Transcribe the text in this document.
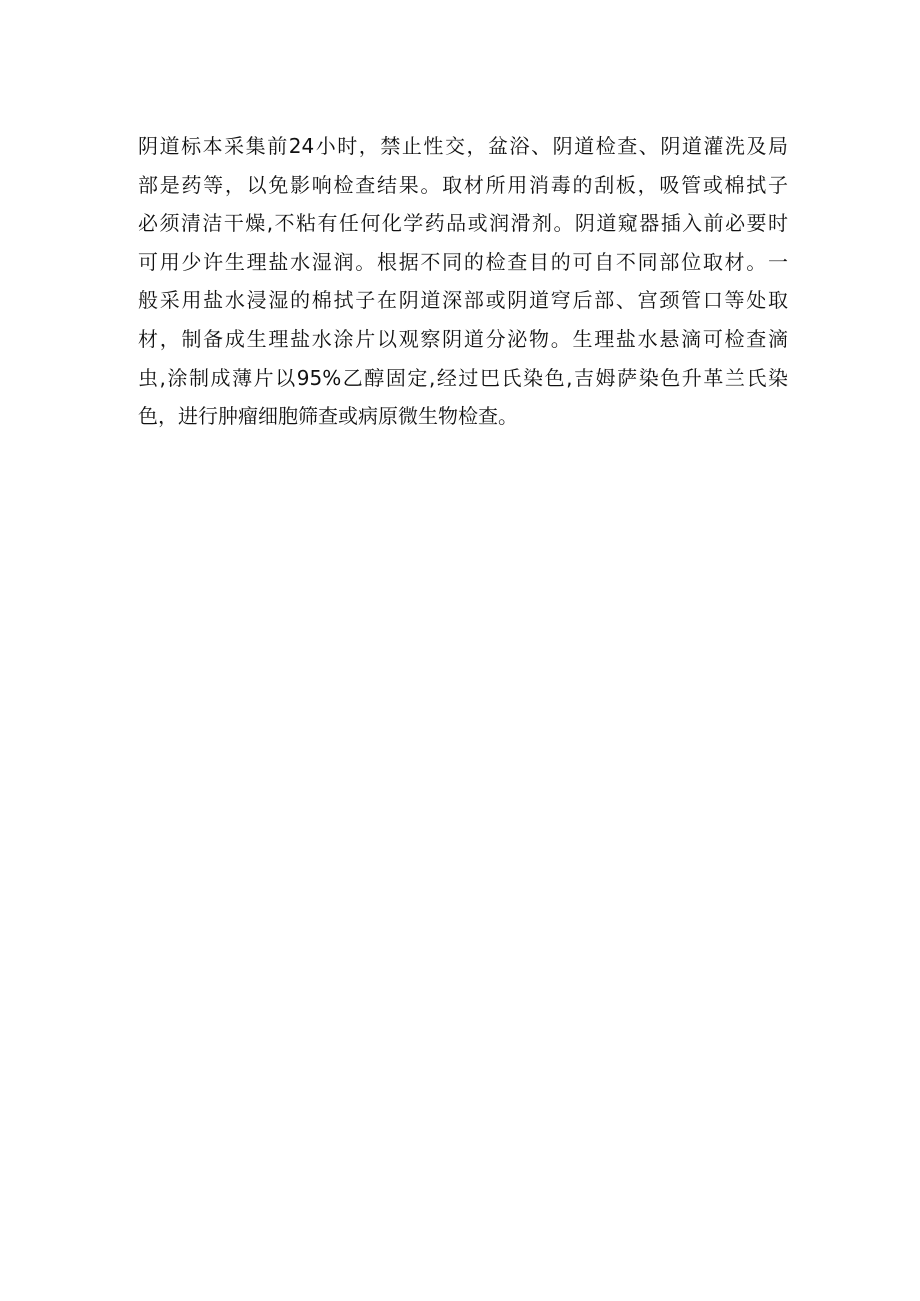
阴道标本采集前24小时，禁止性交，盆浴、阴道检查、阴道灌洗及局
部是药等，以免影响检查结果。取材所用消毒的刮板，吸管或棉拭子
必须清洁干燥,不粘有任何化学药品或润滑剂。阴道窥器插入前必要时
可用少许生理盐水湿润。根据不同的检查目的可自不同部位取材。一
般采用盐水浸湿的棉拭子在阴道深部或阴道穹后部、宫颈管口等处取
材，制备成生理盐水涂片以观察阴道分泌物。生理盐水悬滴可检查滴
虫,涂制成薄片以95%乙醇固定,经过巴氏染色,吉姆萨染色升革兰氏染
色，进行肿瘤细胞筛查或病原微生物检查。
